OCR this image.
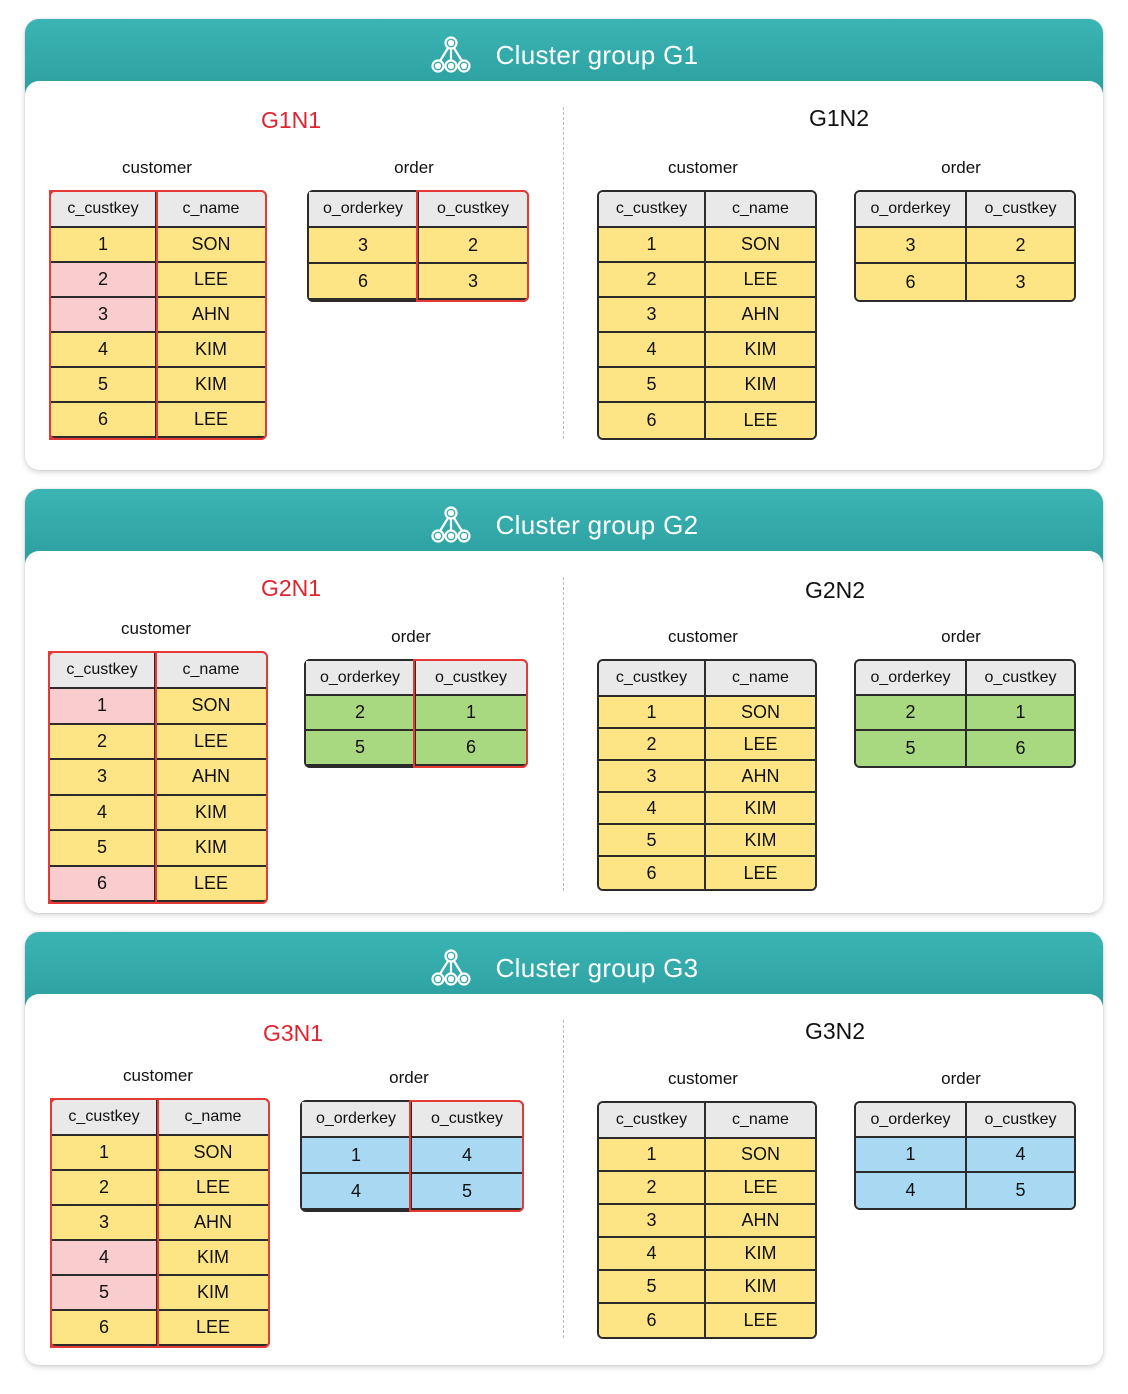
Cluster group G1
G1N1
customer	order
c_custkey	c_name
1	SON
2	LEE
3	AHN
4	KIM
5	KIM
6	LEE
o_orderkey	o_custkey
3	2
6	3
G1N2
customer	order
c_custkey	c_name
1	SON
2	LEE
3	AHN
4	KIM
5	KIM
6	LEE
o_orderkey	o_custkey
3	2
6	3
Cluster group G2
G2N1
customer	order
c_custkey	c_name
1	SON
2	LEE
3	AHN
4	KIM
5	KIM
6	LEE
o_orderkey	o_custkey
2	1
5	6
G2N2
customer	order
c_custkey	c_name
1	SON
2	LEE
3	AHN
4	KIM
5	KIM
6	LEE
o_orderkey	o_custkey
2	1
5	6
Cluster group G3
G3N1
customer	order
c_custkey	c_name
1	SON
2	LEE
3	AHN
4	KIM
5	KIM
6	LEE
o_orderkey	o_custkey
1	4
4	5
G3N2
customer	order
c_custkey	c_name
1	SON
2	LEE
3	AHN
4	KIM
5	KIM
6	LEE
o_orderkey	o_custkey
1	4
4	5
